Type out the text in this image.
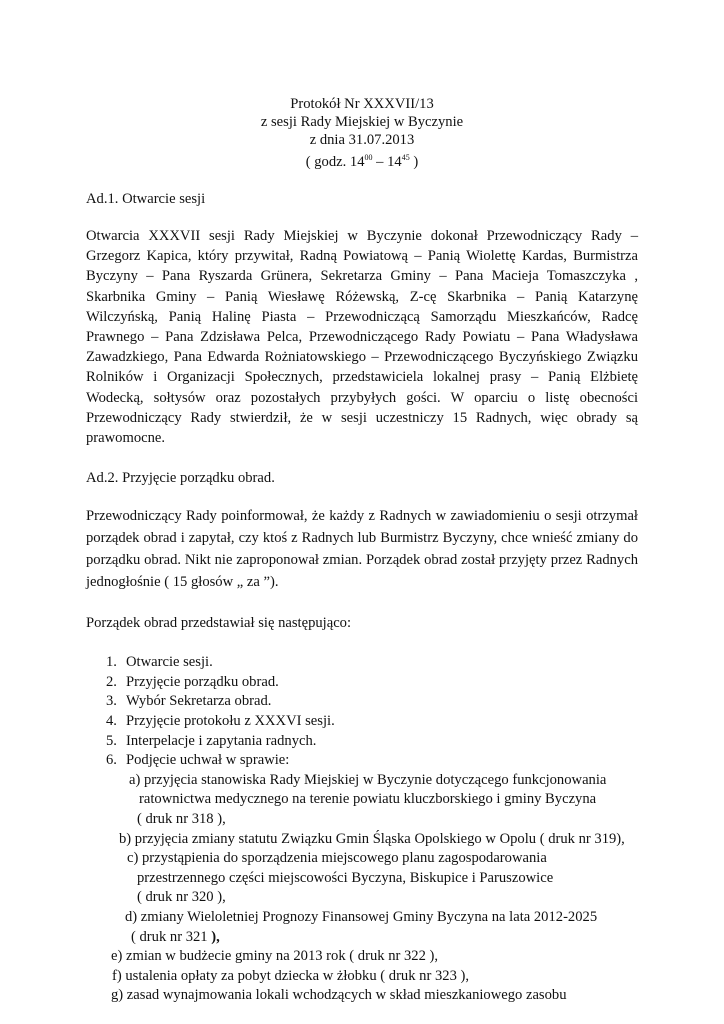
Protokół Nr XXXVII/13
z sesji Rady Miejskiej w Byczynie
z dnia 31.07.2013
( godz. $14^{00} - 14^{45}$ )
Ad.1. Otwarcie sesji
Otwarcia XXXVII sesji Rady Miejskiej w Byczynie dokonał Przewodniczący Rady – Grzegorz Kapica, który przywitał, Radną Powiatową – Panią Wiolettę Kardas, Burmistrza Byczyny – Pana Ryszarda Grünera, Sekretarza Gminy – Pana Macieja Tomaszczyka , Skarbnika Gminy – Panią Wiesławę Różewską, Z-cę Skarbnika – Panią Katarzynę Wilczyńską, Panią Halinę Piasta – Przewodniczącą Samorządu Mieszkańców, Radcę Prawnego – Pana Zdzisława Pelca, Przewodniczącego Rady Powiatu – Pana Władysława Zawadzkiego, Pana Edwarda Rożniatowskiego – Przewodniczącego Byczyńskiego Związku Rolników i Organizacji Społecznych, przedstawiciela lokalnej prasy – Panią Elżbietę Wodecką, sołtysów oraz pozostałych przybyłych gości. W oparciu o listę obecności Przewodniczący Rady stwierdził, że w sesji uczestniczy 15 Radnych, więc obrady są prawomocne.
Ad.2. Przyjęcie porządku obrad.
Przewodniczący Rady poinformował, że każdy z Radnych w zawiadomieniu o sesji otrzymał porządek obrad i zapytał, czy ktoś z Radnych lub Burmistrz Byczyny, chce wnieść zmiany do porządku obrad. Nikt nie zaproponował zmian. Porządek obrad został przyjęty przez Radnych jednogłośnie ( 15 głosów „ za ”).
Porządek obrad przedstawiał się następująco:
1. Otwarcie sesji.
2. Przyjęcie porządku obrad.
3. Wybór Sekretarza obrad.
4. Przyjęcie protokołu z XXXVI sesji.
5. Interpelacje i zapytania radnych.
6. Podjęcie uchwał w sprawie:
a) przyjęcia stanowiska Rady Miejskiej w Byczynie dotyczącego funkcjonowania
ratownictwa medycznego na terenie powiatu kluczborskiego i gminy Byczyna
( druk nr 318 ),
b) przyjęcia zmiany statutu Związku Gmin Śląska Opolskiego w Opolu ( druk nr 319),
c) przystąpienia do sporządzenia miejscowego planu zagospodarowania
przestrzennego części miejscowości Byczyna, Biskupice i Paruszowice
( druk nr 320 ),
d) zmiany Wieloletniej Prognozy Finansowej Gminy Byczyna na lata 2012-2025
( druk nr 321 ),
e) zmian w budżecie gminy na 2013 rok ( druk nr 322 ),
f) ustalenia opłaty za pobyt dziecka w żłobku ( druk nr 323 ),
g) zasad wynajmowania lokali wchodzących w skład mieszkaniowego zasobu
